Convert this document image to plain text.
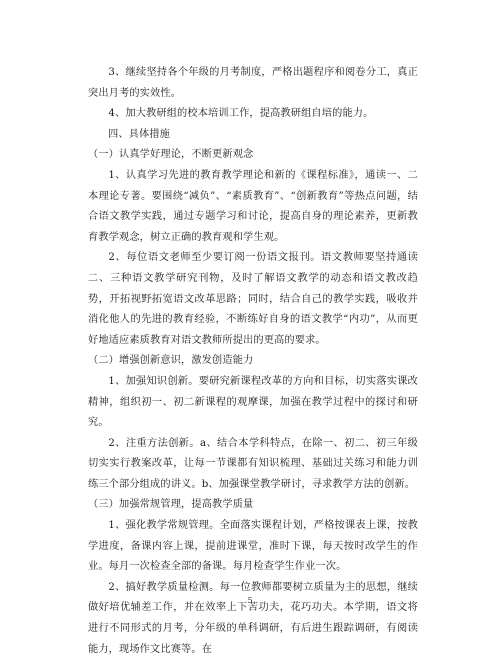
3、继续坚持各个年级的月考制度，严格出题程序和阅卷分工，真正突出月考的实效性。

4、加大教研组的校本培训工作，提高教研组自培的能力。

四、具体措施

（一）认真学好理论，不断更新观念

1、认真学习先进的教育教学理论和新的《课程标准》，通读一、二本理论专著。要围绕“减负”、“素质教育”、“创新教育”等热点问题，结合语文教学实践，通过专题学习和讨论，提高自身的理论素养，更新教育教学观念，树立正确的教育观和学生观。

2、每位语文老师至少要订阅一份语文报刊。语文教师要坚持通读二、三种语文教学研究刊物，及时了解语文教学的动态和语文教改趋势，开拓视野拓宽语文改革思路；同时，结合自己的教学实践，吸收并消化他人的先进的教育经验，不断练好自身的语文教学“内功”，从而更好地适应素质教育对语文教师所提出的更高的要求。

（二）增强创新意识，激发创造能力

1、加强知识创新。要研究新课程改革的方向和目标，切实落实课改精神，组织初一、初二新课程的观摩课，加强在教学过程中的探讨和研究。

2、注重方法创新。a、结合本学科特点，在除一、初二、初三年级切实实行教案改革，让每一节课都有知识梳理、基础过关练习和能力训练三个部分组成的讲义。b、加强课堂教学研讨，寻求教学方法的创新。

（三）加强常规管理，提高教学质量

1、强化教学常规管理。全面落实课程计划，严格按课表上课，按教学进度，备课内容上课，提前进课堂，准时下课，每天按时改学生的作业。每月一次检查全部的备课。每月检查学生作业一次。

2、搞好教学质量检测。每一位教师都要树立质量为主的思想，继续做好培优辅差工作，并在效率上下苦功夫，花巧功夫。本学期，语文将进行不同形式的月考，分年级的单科调研，有后进生跟踪调研，有阅读能力，现场作文比赛等。在

5
